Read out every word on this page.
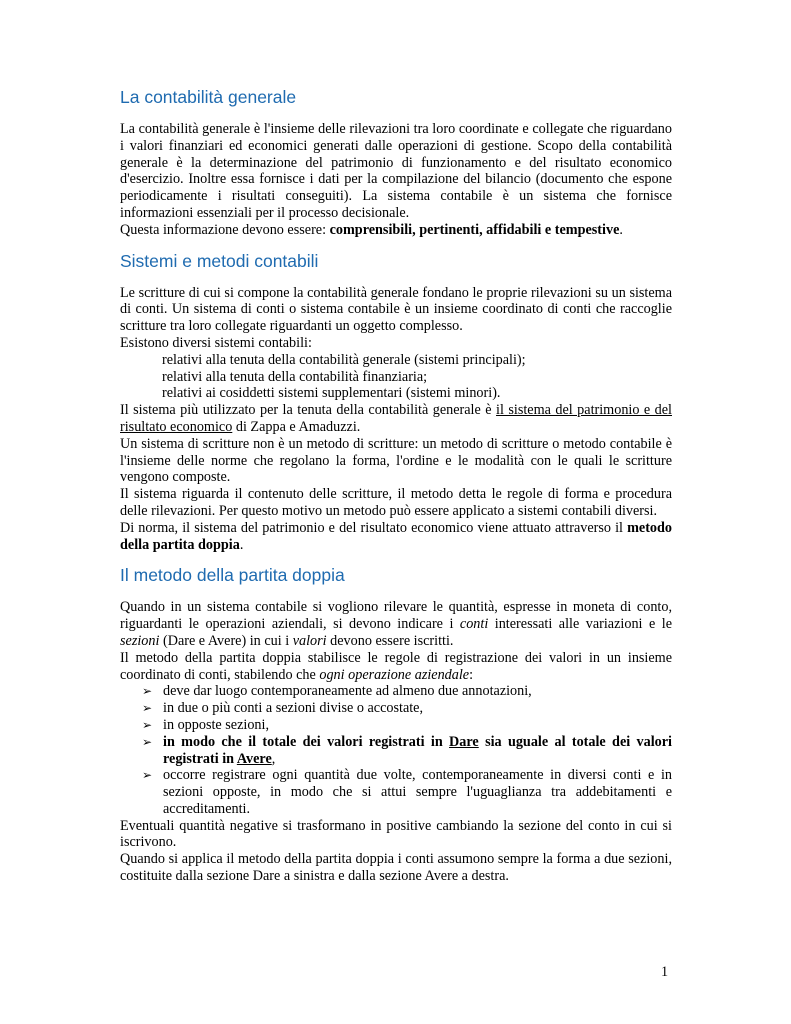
La contabilità generale

La contabilità generale è l'insieme delle rilevazioni tra loro coordinate e collegate che riguardano i valori finanziari ed economici generati dalle operazioni di gestione. Scopo della contabilità generale è la determinazione del patrimonio di funzionamento e del risultato economico d'esercizio. Inoltre essa fornisce i dati per la compilazione del bilancio (documento che espone periodicamente i risultati conseguiti). La sistema contabile è un sistema che fornisce informazioni essenziali per il processo decisionale.

Questa informazione devono essere: comprensibili, pertinenti, affidabili e tempestive.

Sistemi e metodi contabili

Le scritture di cui si compone la contabilità generale fondano le proprie rilevazioni su un sistema di conti. Un sistema di conti o sistema contabile è un insieme coordinato di conti che raccoglie scritture tra loro collegate riguardanti un oggetto complesso.

Esistono diversi sistemi contabili:

relativi alla tenuta della contabilità generale (sistemi principali);

relativi alla tenuta della contabilità finanziaria;

relativi ai cosiddetti sistemi supplementari (sistemi minori).

Il sistema più utilizzato per la tenuta della contabilità generale è il sistema del patrimonio e del risultato economico di Zappa e Amaduzzi.

Un sistema di scritture non è un metodo di scritture: un metodo di scritture o metodo contabile è l'insieme delle norme che regolano la forma, l'ordine e le modalità con le quali le scritture vengono composte.

Il sistema riguarda il contenuto delle scritture, il metodo detta le regole di forma e procedura delle rilevazioni. Per questo motivo un metodo può essere applicato a sistemi contabili diversi.

Di norma, il sistema del patrimonio e del risultato economico viene attuato attraverso il metodo della partita doppia.

Il metodo della partita doppia

Quando in un sistema contabile si vogliono rilevare le quantità, espresse in moneta di conto, riguardanti le operazioni aziendali, si devono indicare i conti interessati alle variazioni e le sezioni (Dare e Avere) in cui i valori devono essere iscritti.

Il metodo della partita doppia stabilisce le regole di registrazione dei valori in un insieme coordinato di conti, stabilendo che ogni operazione aziendale:

➢ deve dar luogo contemporaneamente ad almeno due annotazioni,
➢ in due o più conti a sezioni divise o accostate,
➢ in opposte sezioni,
➢ in modo che il totale dei valori registrati in Dare sia uguale al totale dei valori registrati in Avere,
➢ occorre registrare ogni quantità due volte, contemporaneamente in diversi conti e in sezioni opposte, in modo che si attui sempre l'uguaglianza tra addebitamenti e accreditamenti.

Eventuali quantità negative si trasformano in positive cambiando la sezione del conto in cui si iscrivono.

Quando si applica il metodo della partita doppia i conti assumono sempre la forma a due sezioni, costituite dalla sezione Dare a sinistra e dalla sezione Avere a destra.

1
